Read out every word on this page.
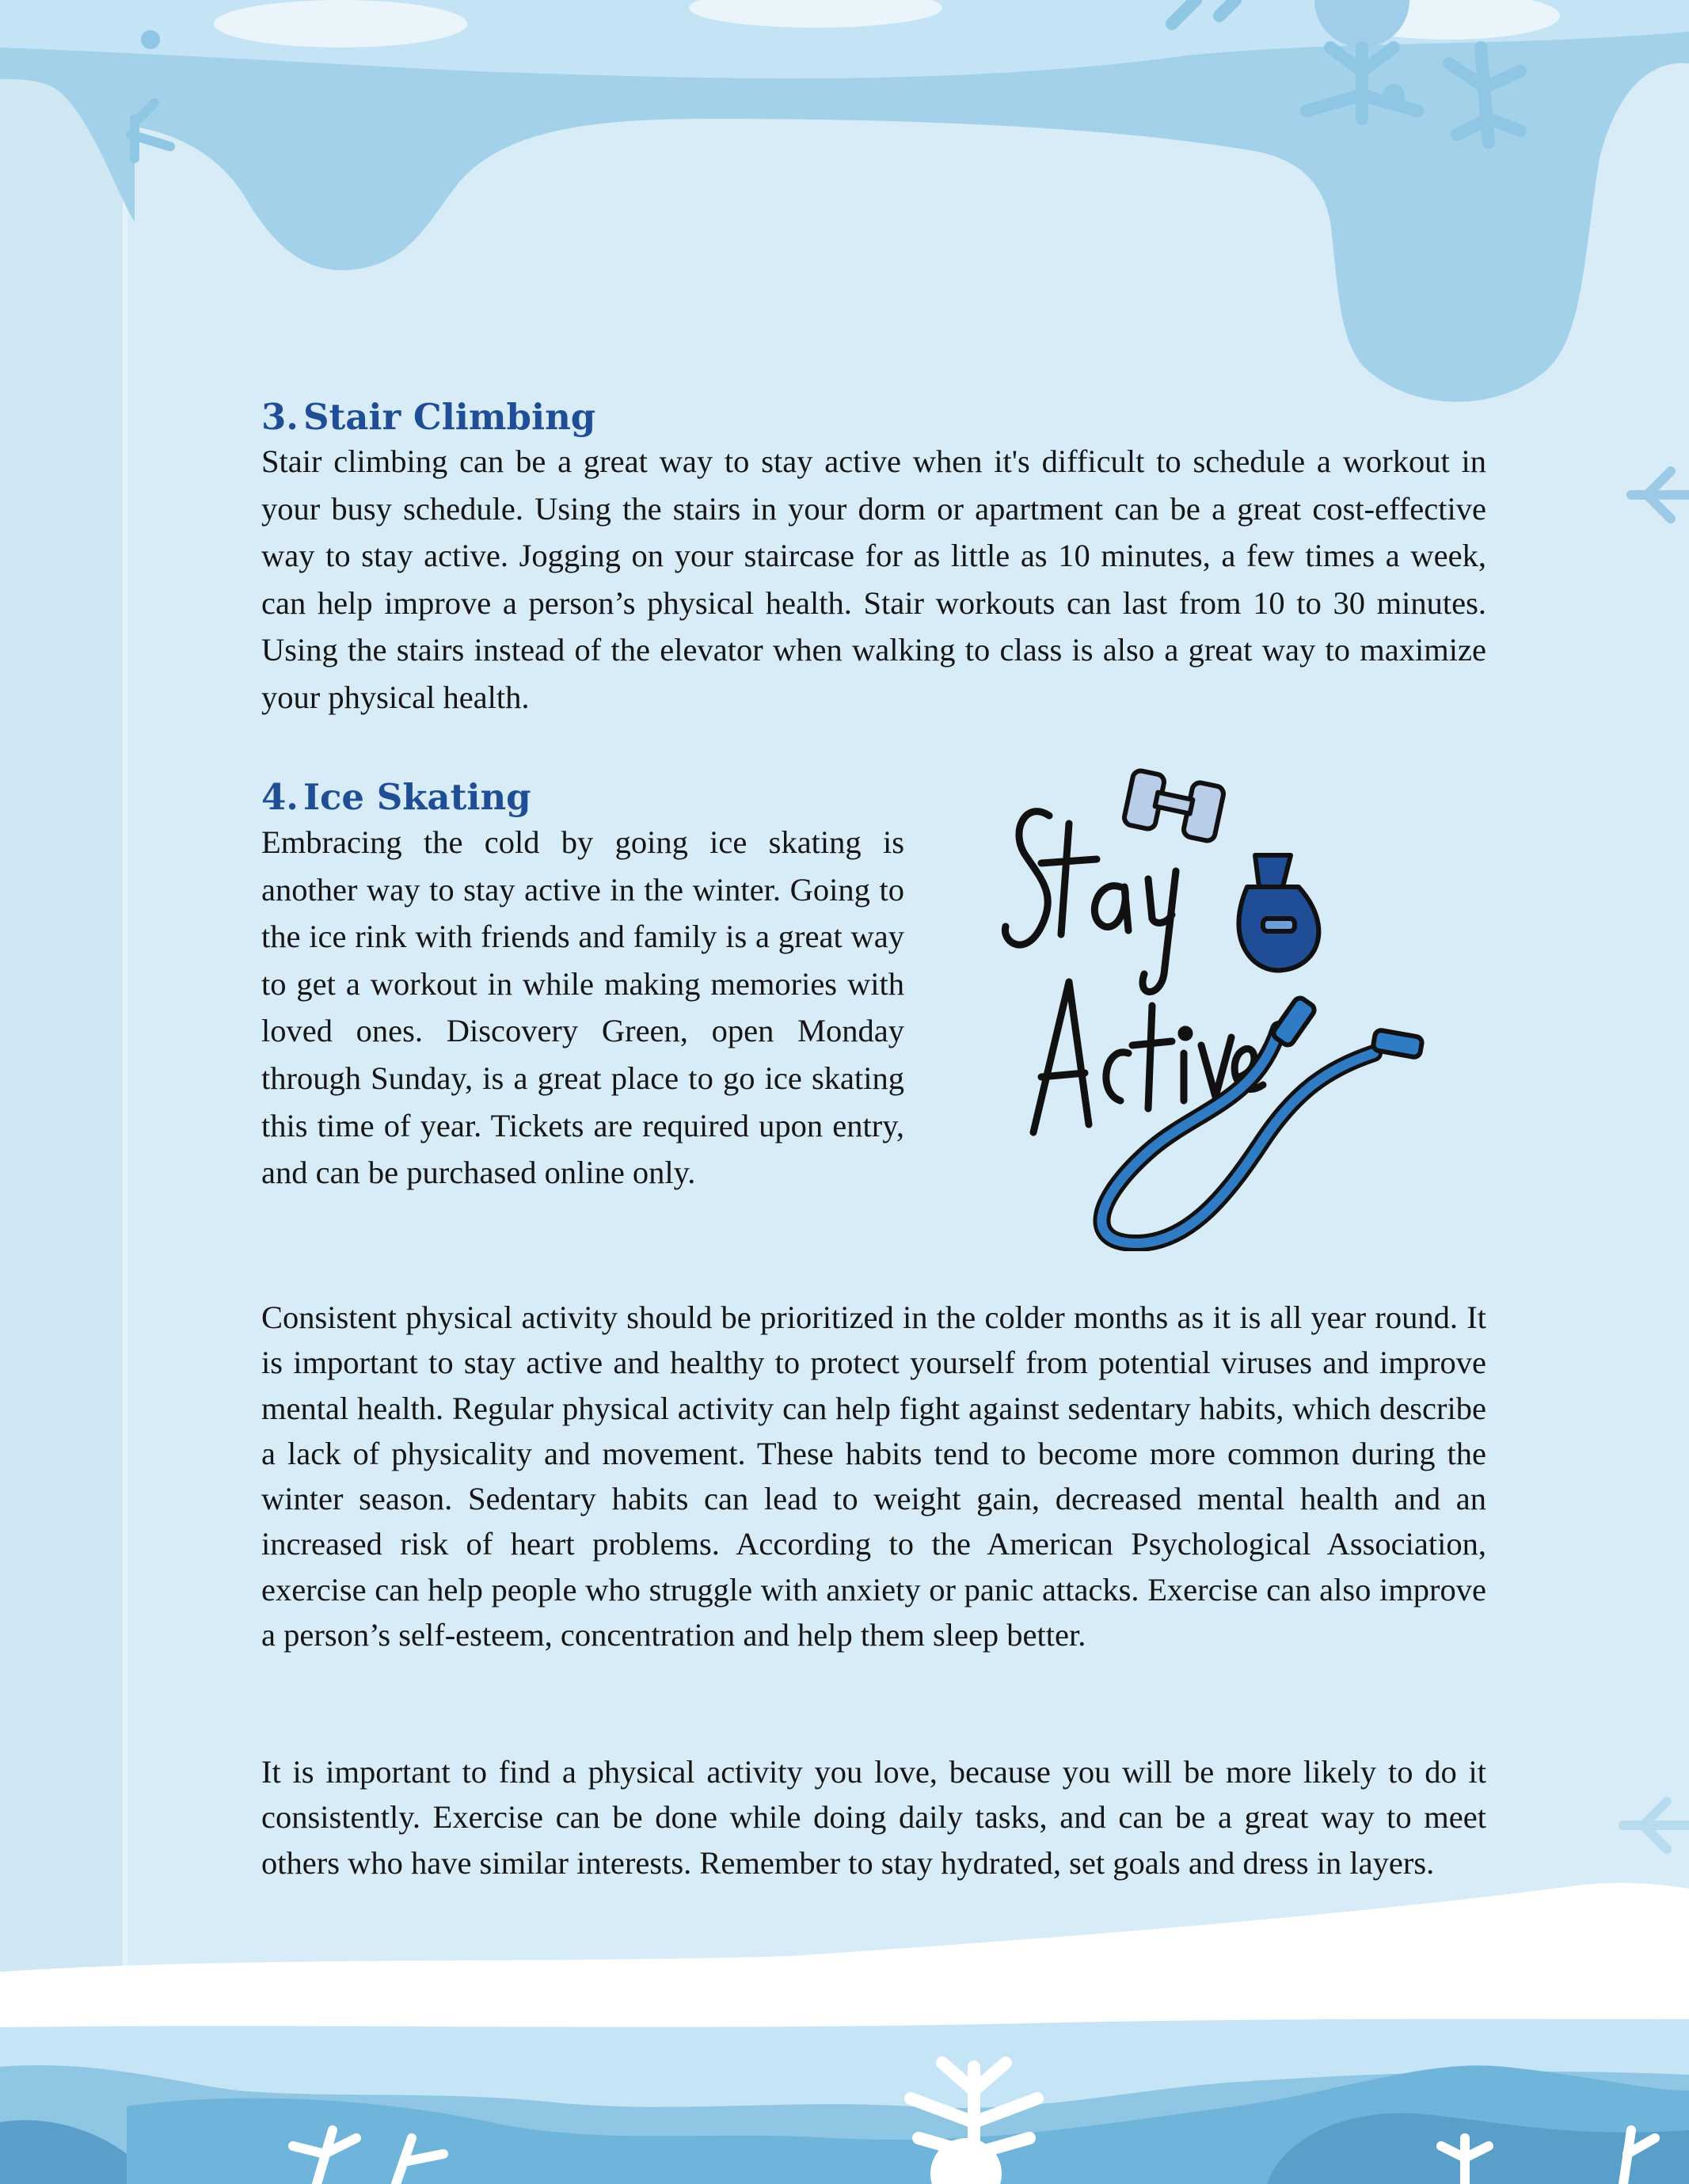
3. Stair Climbing

Stair climbing can be a great way to stay active when it's difficult to schedule a workout in your busy schedule. Using the stairs in your dorm or apartment can be a great cost-effective way to stay active. Jogging on your staircase for as little as 10 minutes, a few times a week, can help improve a person’s physical health. Stair workouts can last from 10 to 30 minutes. Using the stairs instead of the elevator when walking to class is also a great way to maximize your physical health.

4. Ice Skating

Embracing the cold by going ice skating is another way to stay active in the winter. Going to the ice rink with friends and family is a great way to get a workout in while making memories with loved ones. Discovery Green, open Monday through Sunday, is a great place to go ice skating this time of year. Tickets are required upon entry, and can be purchased online only.

Consistent physical activity should be prioritized in the colder months as it is all year round. It is important to stay active and healthy to protect yourself from potential viruses and improve mental health. Regular physical activity can help fight against sedentary habits, which describe a lack of physicality and movement. These habits tend to become more common during the winter season. Sedentary habits can lead to weight gain, decreased mental health and an increased risk of heart problems. According to the American Psychological Association, exercise can help people who struggle with anxiety or panic attacks. Exercise can also improve a person’s self-esteem, concentration and help them sleep better.

It is important to find a physical activity you love, because you will be more likely to do it consistently. Exercise can be done while doing daily tasks, and can be a great way to meet others who have similar interests. Remember to stay hydrated, set goals and dress in layers.
